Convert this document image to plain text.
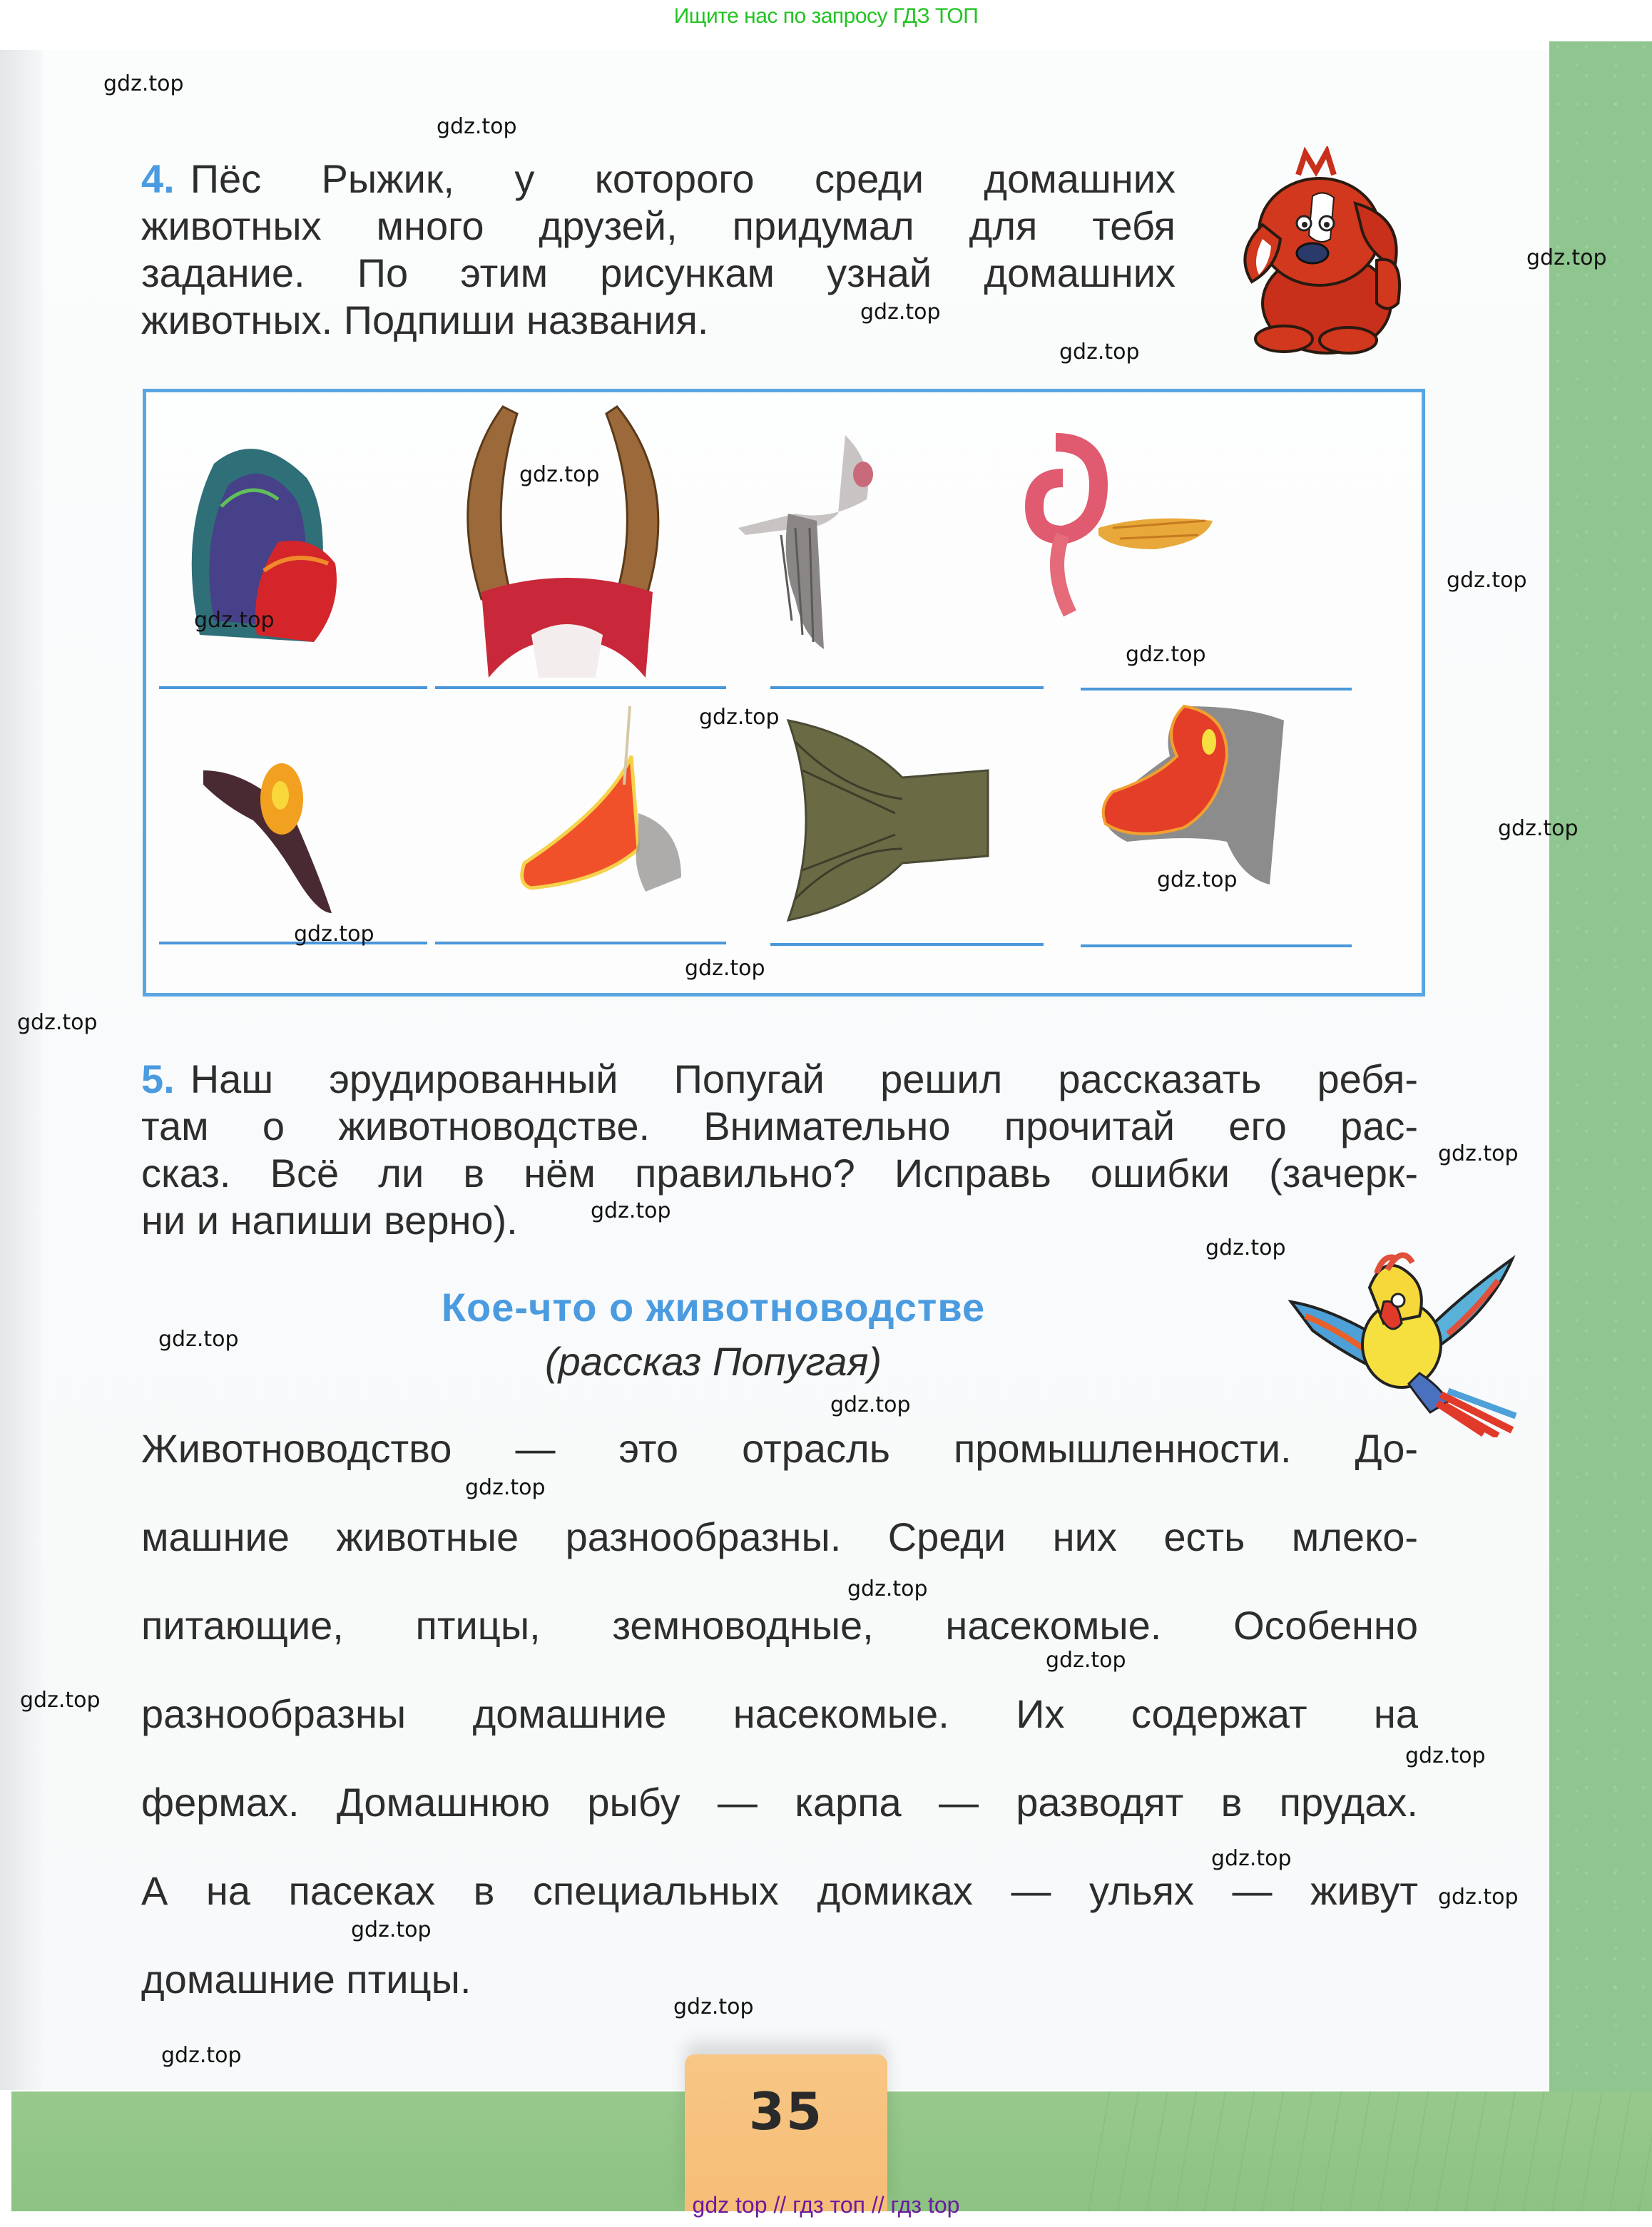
Ищите нас по запросу ГДЗ ТОП
4. Пёс Рыжик, у которого среди домашних
животных много друзей, придумал для тебя
задание. По этим рисункам узнай домашних
животных. Подпиши названия.
5. Наш эрудированный Попугай решил рассказать ребя-
там о животноводстве. Внимательно прочитай его рас-
сказ. Всё ли в нём правильно? Исправь ошибки (зачерк-
ни и напиши верно).
Кое-что о животноводстве
(рассказ Попугая)
Животноводство — это отрасль промышленности. До-
машние животные разнообразны. Среди них есть млеко-
питающие, птицы, земноводные, насекомые. Особенно
разнообразны домашние насекомые. Их содержат на
фермах. Домашнюю рыбу — карпа — разводят в прудах.
А на пасеках в специальных домиках — ульях — живут
домашние птицы.
35
gdz.top
gdz.top
gdz.top
gdz.top
gdz.top
gdz.top
gdz.top
gdz.top
gdz.top
gdz.top
gdz.top
gdz.top
gdz.top
gdz.top
gdz.top
gdz.top
gdz.top
gdz.top
gdz.top
gdz.top
gdz.top
gdz.top
gdz.top
gdz.top
gdz.top
gdz.top
gdz.top
gdz.top
gdz.top
gdz.top
gdz top // гдз топ // гдз top
